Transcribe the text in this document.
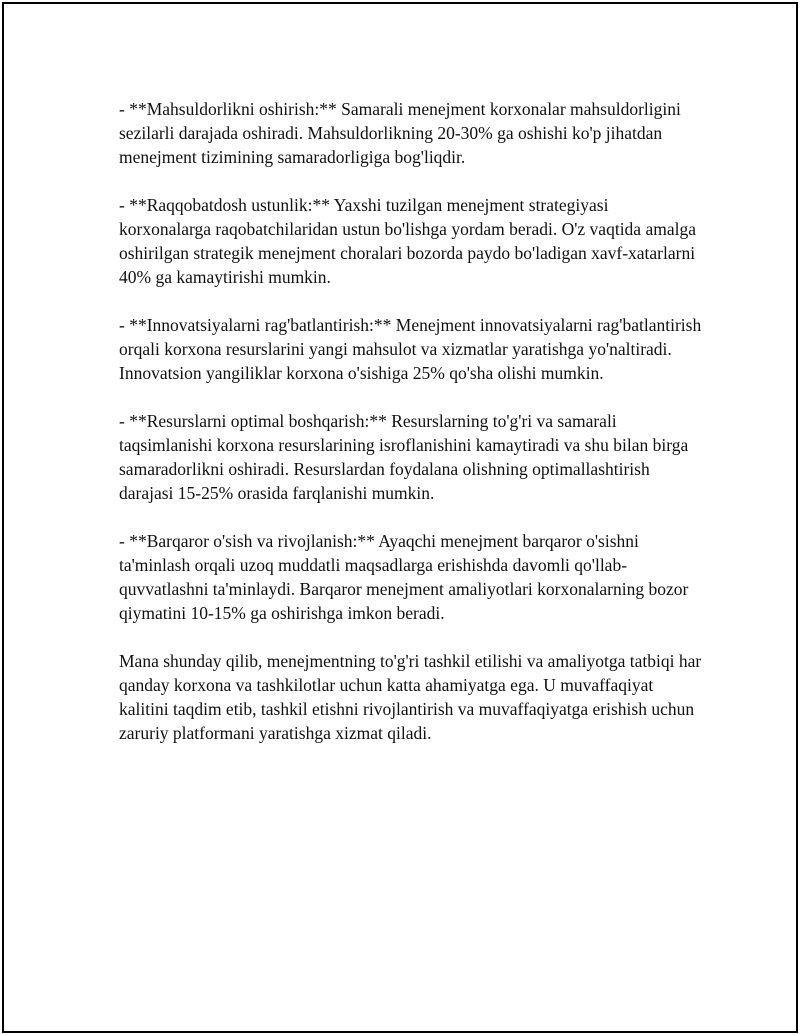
- **Mahsuldorlikni oshirish:** Samarali menejment korxonalar mahsuldorligini sezilarli darajada oshiradi. Mahsuldorlikning 20-30% ga oshishi ko'p jihatdan menejment tizimining samaradorligiga bog'liqdir.

- **Raqqobatdosh ustunlik:** Yaxshi tuzilgan menejment strategiyasi korxonalarga raqobatchilaridan ustun bo'lishga yordam beradi. O'z vaqtida amalga oshirilgan strategik menejment choralari bozorda paydo bo'ladigan xavf-xatarlarni 40% ga kamaytirishi mumkin.

- **Innovatsiyalarni rag'batlantirish:** Menejment innovatsiyalarni rag'batlantirish orqali korxona resurslarini yangi mahsulot va xizmatlar yaratishga yo'naltiradi. Innovatsion yangiliklar korxona o'sishiga 25% qo'sha olishi mumkin.

- **Resurslarni optimal boshqarish:** Resurslarning to'g'ri va samarali taqsimlanishi korxona resurslarining isroflanishini kamaytiradi va shu bilan birga samaradorlikni oshiradi. Resurslardan foydalana olishning optimallashtirish darajasi 15-25% orasida farqlanishi mumkin.

- **Barqaror o'sish va rivojlanish:** Ayaqchi menejment barqaror o'sishni ta'minlash orqali uzoq muddatli maqsadlarga erishishda davomli qo'llab-quvvatlashni ta'minlaydi. Barqaror menejment amaliyotlari korxonalarning bozor qiymatini 10-15% ga oshirishga imkon beradi.

Mana shunday qilib, menejmentning to'g'ri tashkil etilishi va amaliyotga tatbiqi har qanday korxona va tashkilotlar uchun katta ahamiyatga ega. U muvaffaqiyat kalitini taqdim etib, tashkil etishni rivojlantirish va muvaffaqiyatga erishish uchun zaruriy platformani yaratishga xizmat qiladi.
